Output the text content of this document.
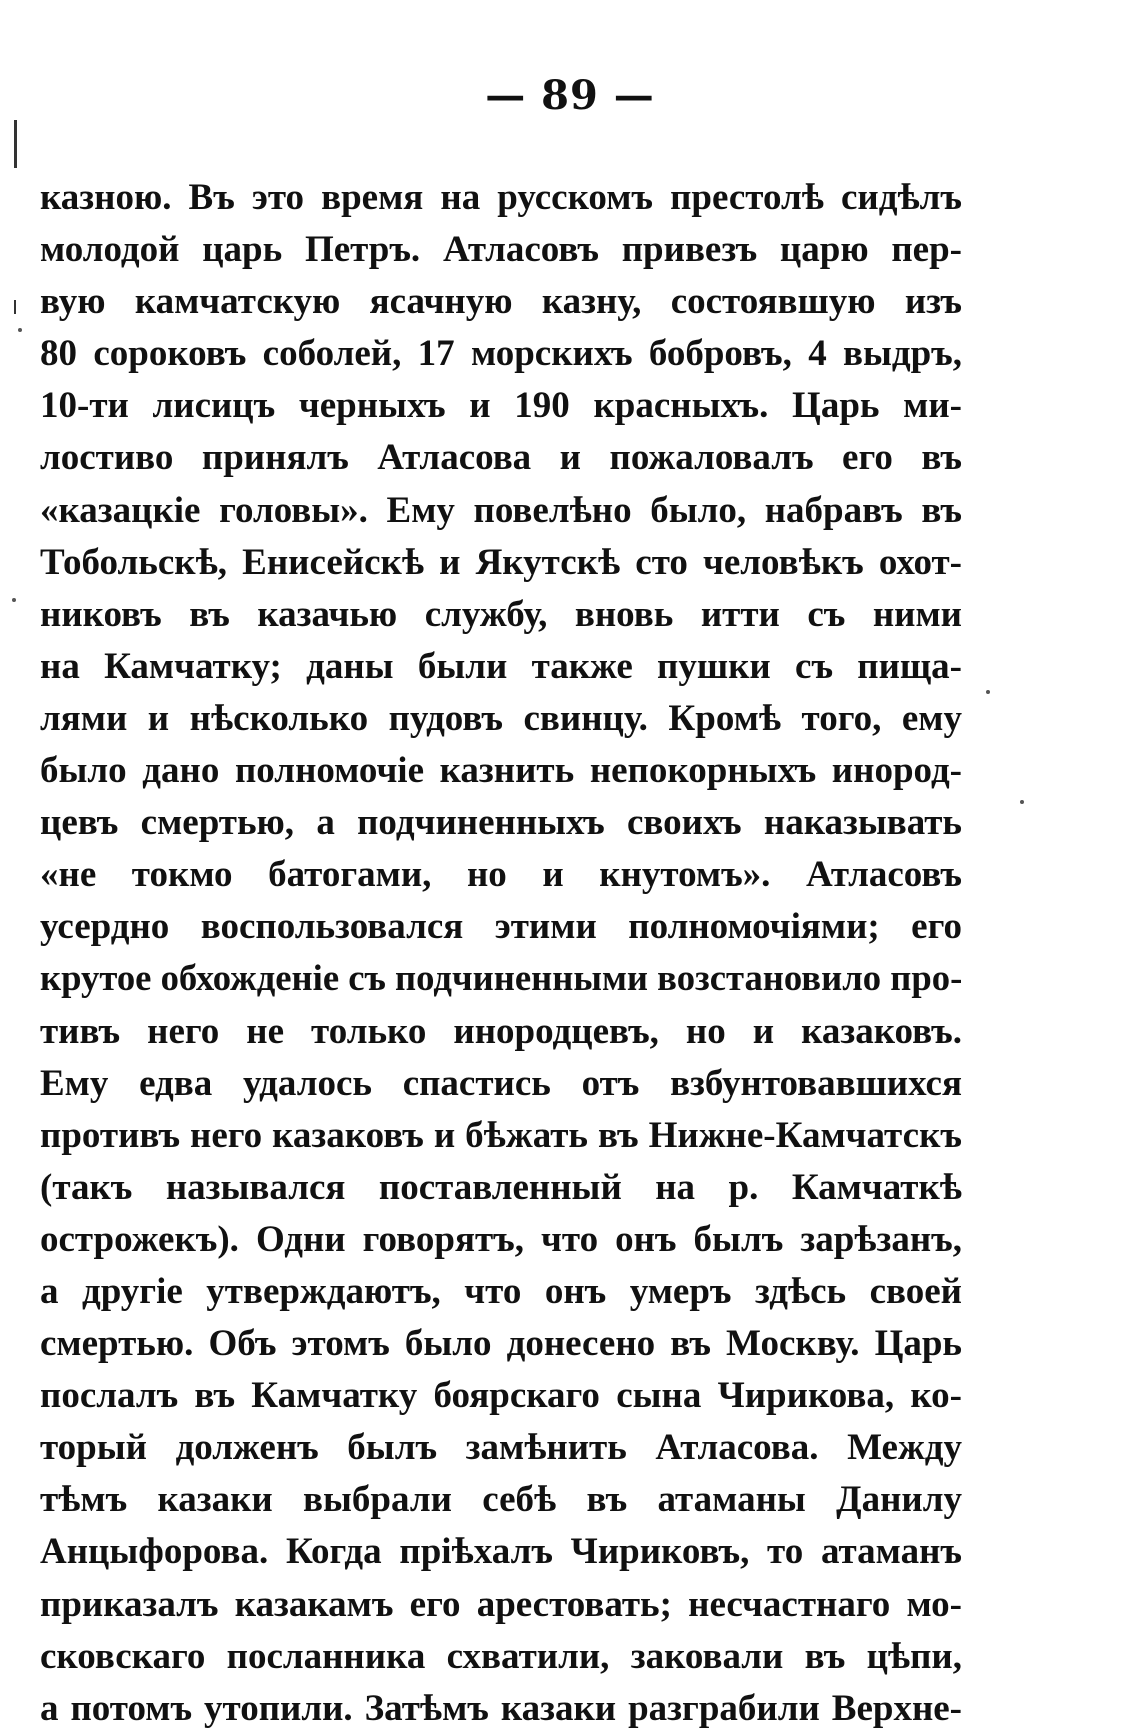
— 89 —
казною. Въ это время на русскомъ престолѣ сидѣлъ
молодой царь Петръ. Атласовъ привезъ царю пер-
вую камчатскую ясачную казну, состоявшую изъ
80 сороковъ соболей, 17 морскихъ бобровъ, 4 выдръ,
10-ти лисицъ черныхъ и 190 красныхъ. Царь ми-
лостиво принялъ Атласова и пожаловалъ его въ
«казацкіе головы». Ему повелѣно было, набравъ въ
Тобольскѣ, Енисейскѣ и Якутскѣ сто человѣкъ охот-
никовъ въ казачью службу, вновь итти съ ними
на Камчатку; даны были также пушки съ пища-
лями и нѣсколько пудовъ свинцу. Кромѣ того, ему
было дано полномочіе казнить непокорныхъ инород-
цевъ смертью, а подчиненныхъ своихъ наказывать
«не токмо батогами, но и кнутомъ». Атласовъ
усердно воспользовался этими полномочіями; его
крутое обхожденіе съ подчиненными возстановило про-
тивъ него не только инородцевъ, но и казаковъ.
Ему едва удалось спастись отъ взбунтовавшихся
противъ него казаковъ и бѣжать въ Нижне-Камчатскъ
(такъ назывался поставленный на р. Камчаткѣ
острожекъ). Одни говорятъ, что онъ былъ зарѣзанъ,
а другіе утверждаютъ, что онъ умеръ здѣсь своей
смертью. Объ этомъ было донесено въ Москву. Царь
послалъ въ Камчатку боярскаго сына Чирикова, ко-
торый долженъ былъ замѣнить Атласова. Между
тѣмъ казаки выбрали себѣ въ атаманы Данилу
Анцыфорова. Когда пріѣхалъ Чириковъ, то атаманъ
приказалъ казакамъ его арестовать; несчастнаго мо-
сковскаго посланника схватили, заковали въ цѣпи,
а потомъ утопили. Затѣмъ казаки разграбили Верхне-
